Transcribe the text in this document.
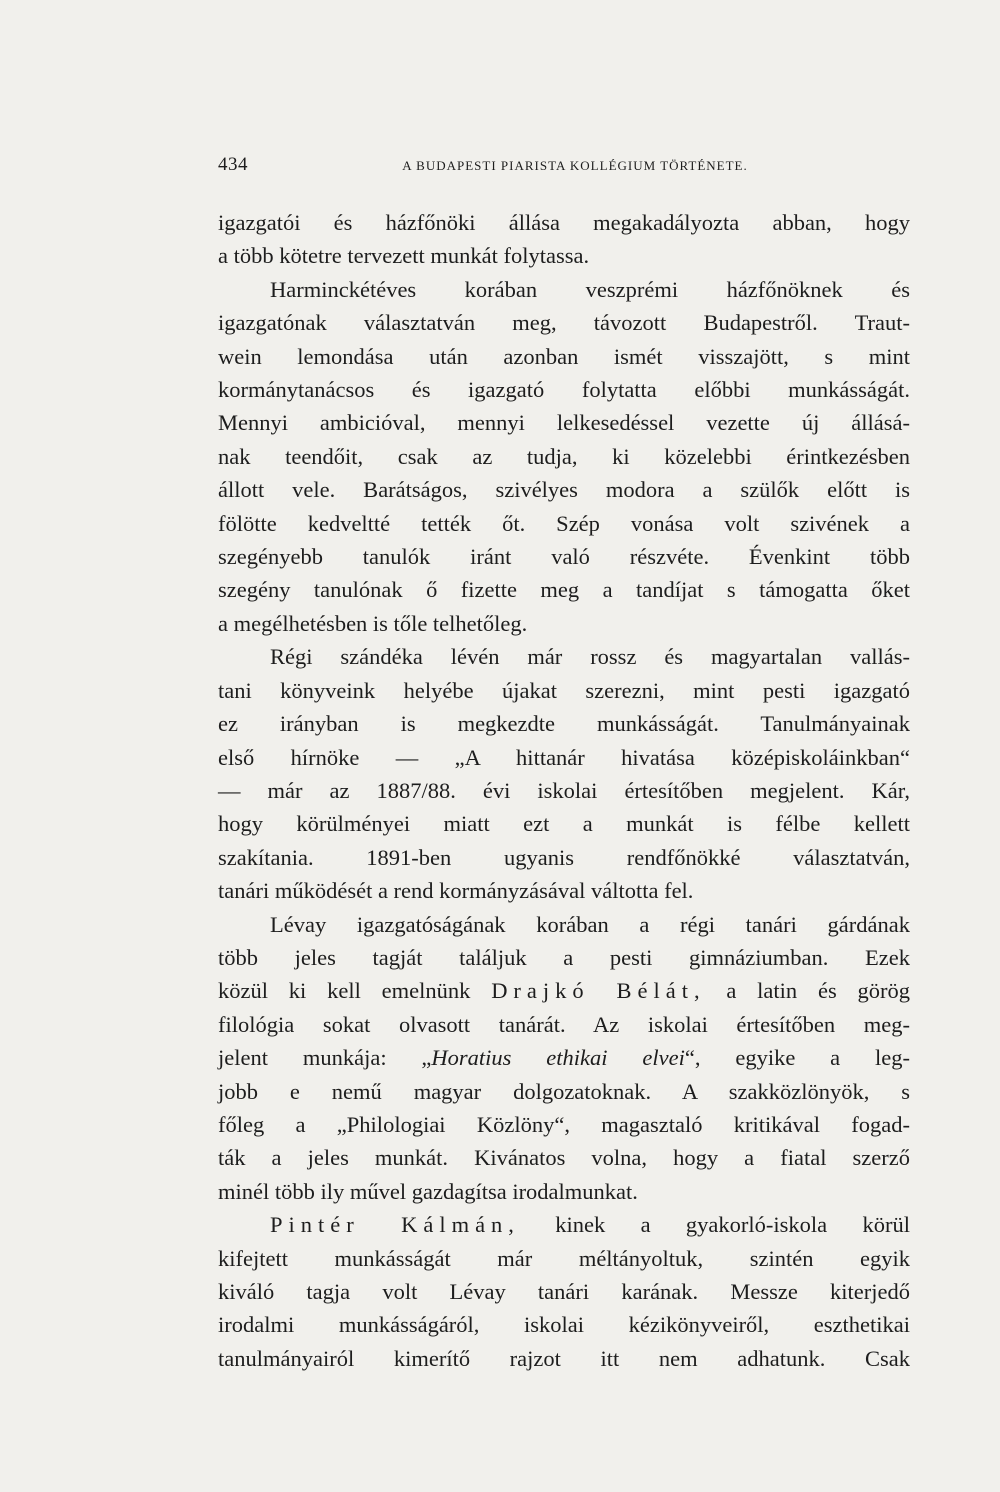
434	A BUDAPESTI PIARISTA KOLLÉGIUM TÖRTÉNETE.

igazgatói és házfőnöki állása megakadályozta abban, hogy

a több kötetre tervezett munkát folytassa.

Harminckétéves korában veszprémi házfőnöknek és

igazgatónak választatván meg, távozott Budapestről. Traut-

wein lemondása után azonban ismét visszajött, s mint

kormánytanácsos és igazgató folytatta előbbi munkásságát.

Mennyi ambicióval, mennyi lelkesedéssel vezette új állásá-

nak teendőit, csak az tudja, ki közelebbi érintkezésben

állott vele. Barátságos, szivélyes modora a szülők előtt is

fölötte kedveltté tették őt. Szép vonása volt szivének a

szegényebb tanulók iránt való részvéte. Évenkint több

szegény tanulónak ő fizette meg a tandíjat s támogatta őket

a megélhetésben is tőle telhetőleg.

Régi szándéka lévén már rossz és magyartalan vallás-

tani könyveink helyébe újakat szerezni, mint pesti igazgató

ez irányban is megkezdte munkásságát. Tanulmányainak

első hírnöke — „A hittanár hivatása középiskoláinkban“

— már az 1887/88. évi iskolai értesítőben megjelent. Kár,

hogy körülményei miatt ezt a munkát is félbe kellett

szakítania. 1891-ben ugyanis rendfőnökké választatván,

tanári működését a rend kormányzásával váltotta fel.

Lévay igazgatóságának korában a régi tanári gárdának

több jeles tagját találjuk a pesti gimnáziumban. Ezek

közül ki kell emelnünk Drajkó Bélát, a latin és görög

filológia sokat olvasott tanárát. Az iskolai értesítőben meg-

jelent munkája: „Horatius ethikai elvei“, egyike a leg-

jobb e nemű magyar dolgozatoknak. A szakközlönyök, s

főleg a „Philologiai Közlöny“, magasztaló kritikával fogad-

ták a jeles munkát. Kivánatos volna, hogy a fiatal szerző

minél több ily művel gazdagítsa irodalmunkat.

Pintér Kálmán, kinek a gyakorló-iskola körül

kifejtett munkásságát már méltányoltuk, szintén egyik

kiváló tagja volt Lévay tanári karának. Messze kiterjedő

irodalmi munkásságáról, iskolai kézikönyveiről, eszthetikai

tanulmányairól kimerítő rajzot itt nem adhatunk. Csak
